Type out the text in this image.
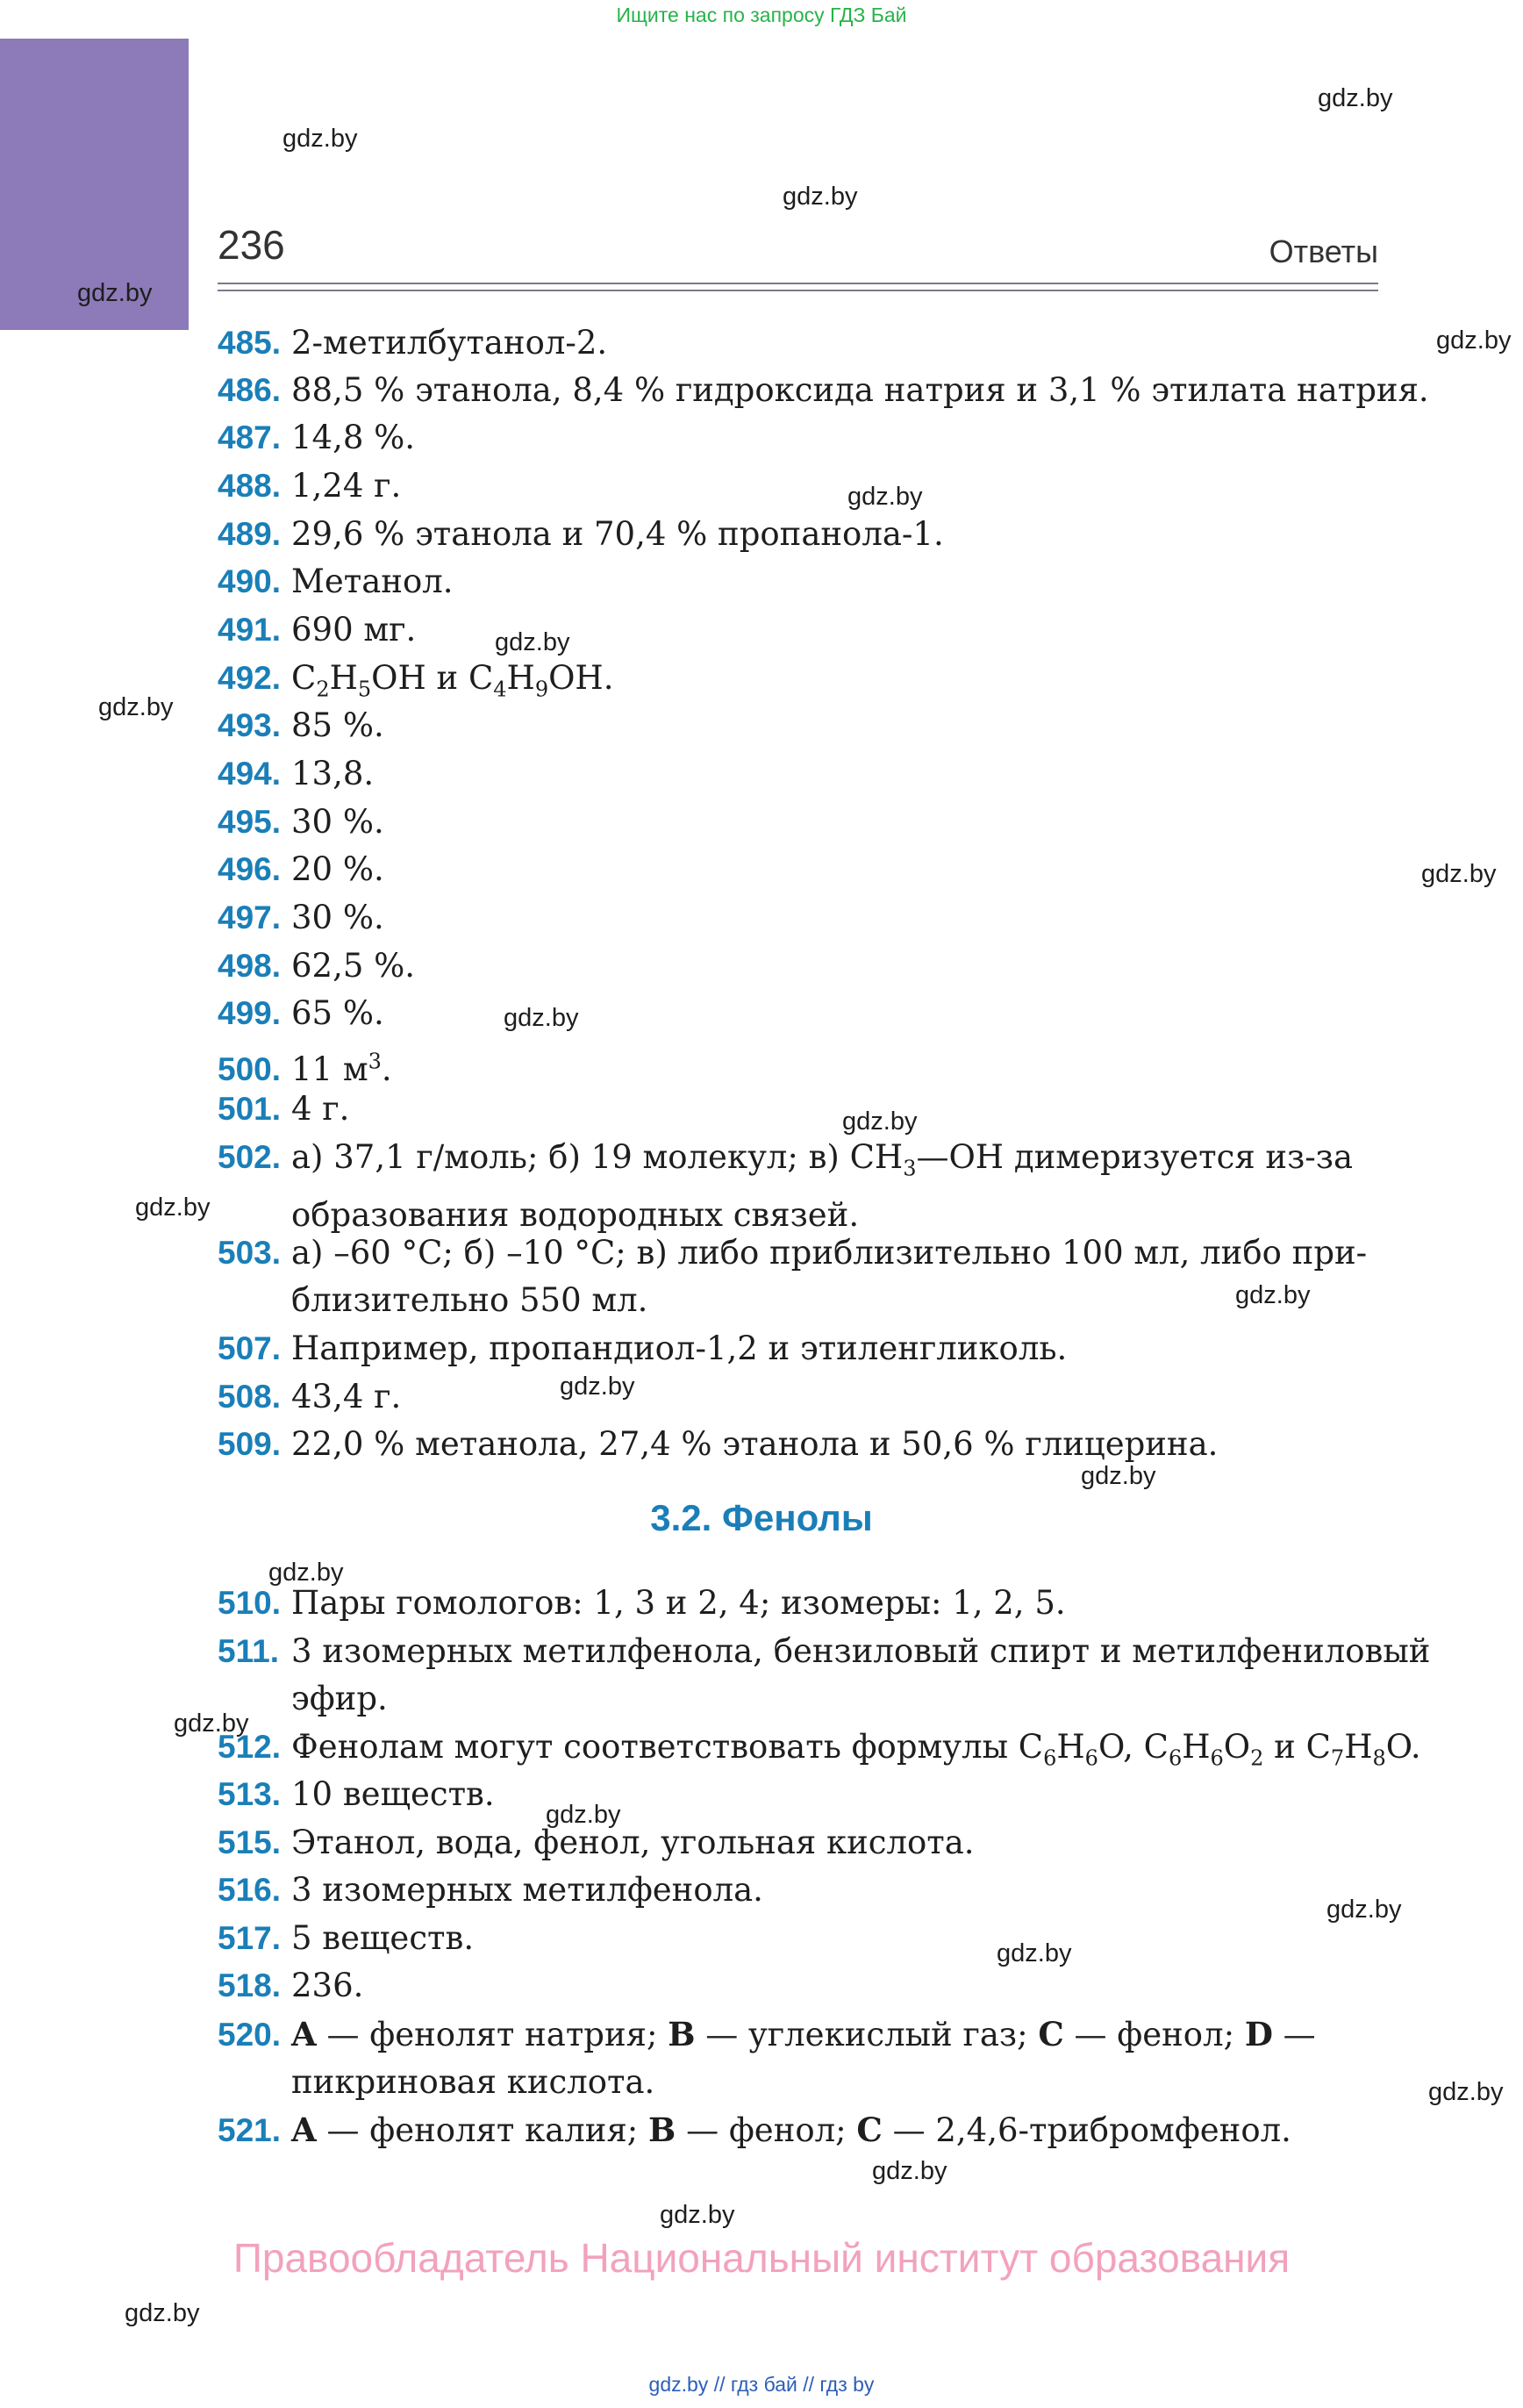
Ищите нас по запросу ГДЗ Бай
236	Ответы
485. 2-метилбутанол-2.
486. 88,5 % этанола, 8,4 % гидроксида натрия и 3,1 % этилата натрия.
487. 14,8 %.
488. 1,24 г.
489. 29,6 % этанола и 70,4 % пропанола-1.
490. Метанол.
491. 690 мг.
492. $C_2H_5OH$ и $C_4H_9OH$.
493. 85 %.
494. 13,8.
495. 30 %.
496. 20 %.
497. 30 %.
498. 62,5 %.
499. 65 %.
500. 11 $м^3$.
501. 4 г.
502. а) 37,1 г/моль; б) 19 молекул; в) $CH_3—OH$ димеризуется из-за
образования водородных связей.
503. а) –60 °С; б) –10 °С; в) либо приблизительно 100 мл, либо при-
близительно 550 мл.
507. Например, пропандиол-1,2 и этиленгликоль.
508. 43,4 г.
509. 22,0 % метанола, 27,4 % этанола и 50,6 % глицерина.
510. Пары гомологов: 1, 3 и 2, 4; изомеры: 1, 2, 5.
511. 3 изомерных метилфенола, бензиловый спирт и метилфениловый
эфир.
512. Фенолам могут соответствовать формулы $C_6H_6O$, $C_6H_6O_2$ и $C_7H_8O$.
513. 10 веществ.
515. Этанол, вода, фенол, угольная кислота.
516. 3 изомерных метилфенола.
517. 5 веществ.
518. 236.
520. A — фенолят натрия; B — углекислый газ; C — фенол; D —
пикриновая кислота.
521. A — фенолят калия; B — фенол; C — 2,4,6-трибромфенол.
3.2. Фенолы
gdz.by
gdz.by
gdz.by
gdz.by
gdz.by
gdz.by
gdz.by
gdz.by
gdz.by
gdz.by
gdz.by
gdz.by
gdz.by
gdz.by
gdz.by
gdz.by
gdz.by
gdz.by
gdz.by
gdz.by
gdz.by
gdz.by
gdz.by
gdz.by
Правообладатель Национальный институт образования
gdz.by // гдз бай // гдз by
